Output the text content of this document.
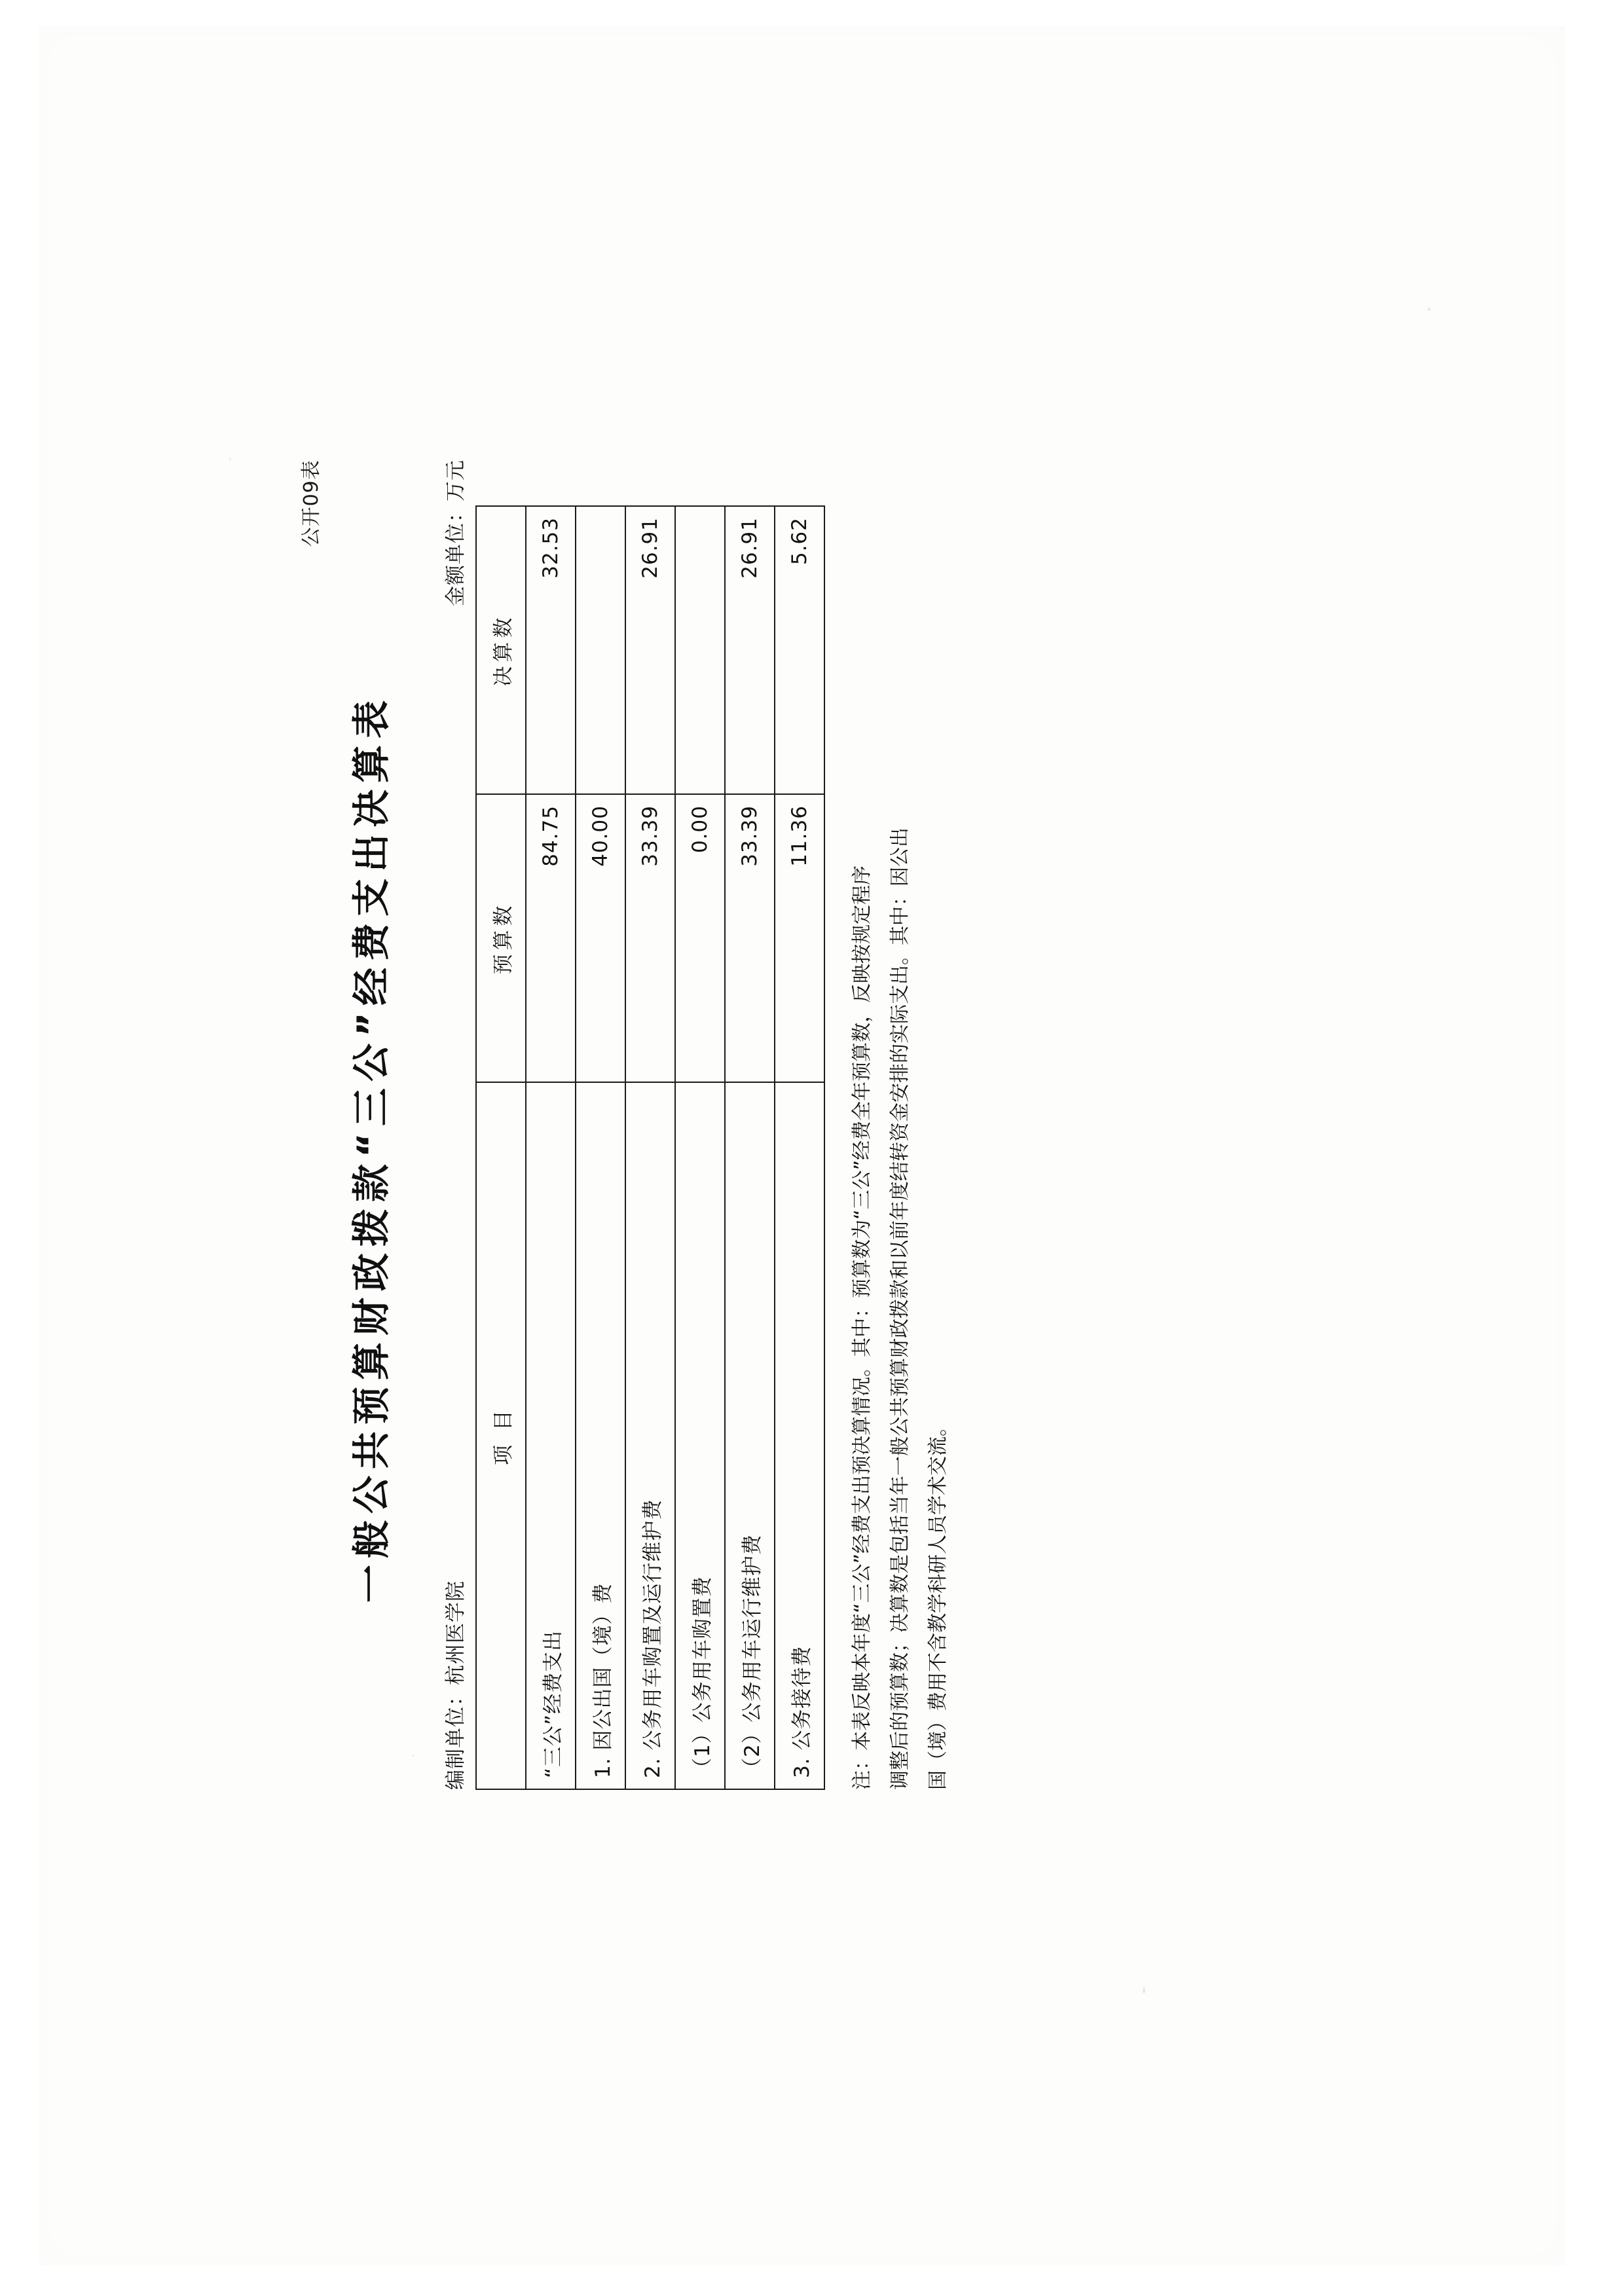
公开09表
一般公共预算财政拨款“三公”经费支出决算表
编制单位：杭州医学院
金额单位：万元
项 目	预算数	决算数
“三公”经费支出	84.75	32.53
1. 因公出国（境）费	40.00	
2. 公务用车购置及运行维护费	33.39	26.91
（1）公务用车购置费	0.00	
（2）公务用车运行维护费	33.39	26.91
3. 公务接待费	11.36	5.62

注：本表反映本年度“三公”经费支出预决算情况。其中：预算数为“三公”经费全年预算数，反映按规定程序 调整后的预算数；决算数是包括当年一般公共预算财政拨款和以前年度结转资金安排的实际支出。其中：因公出 国（境）费用不含教学科研人员学术交流。
